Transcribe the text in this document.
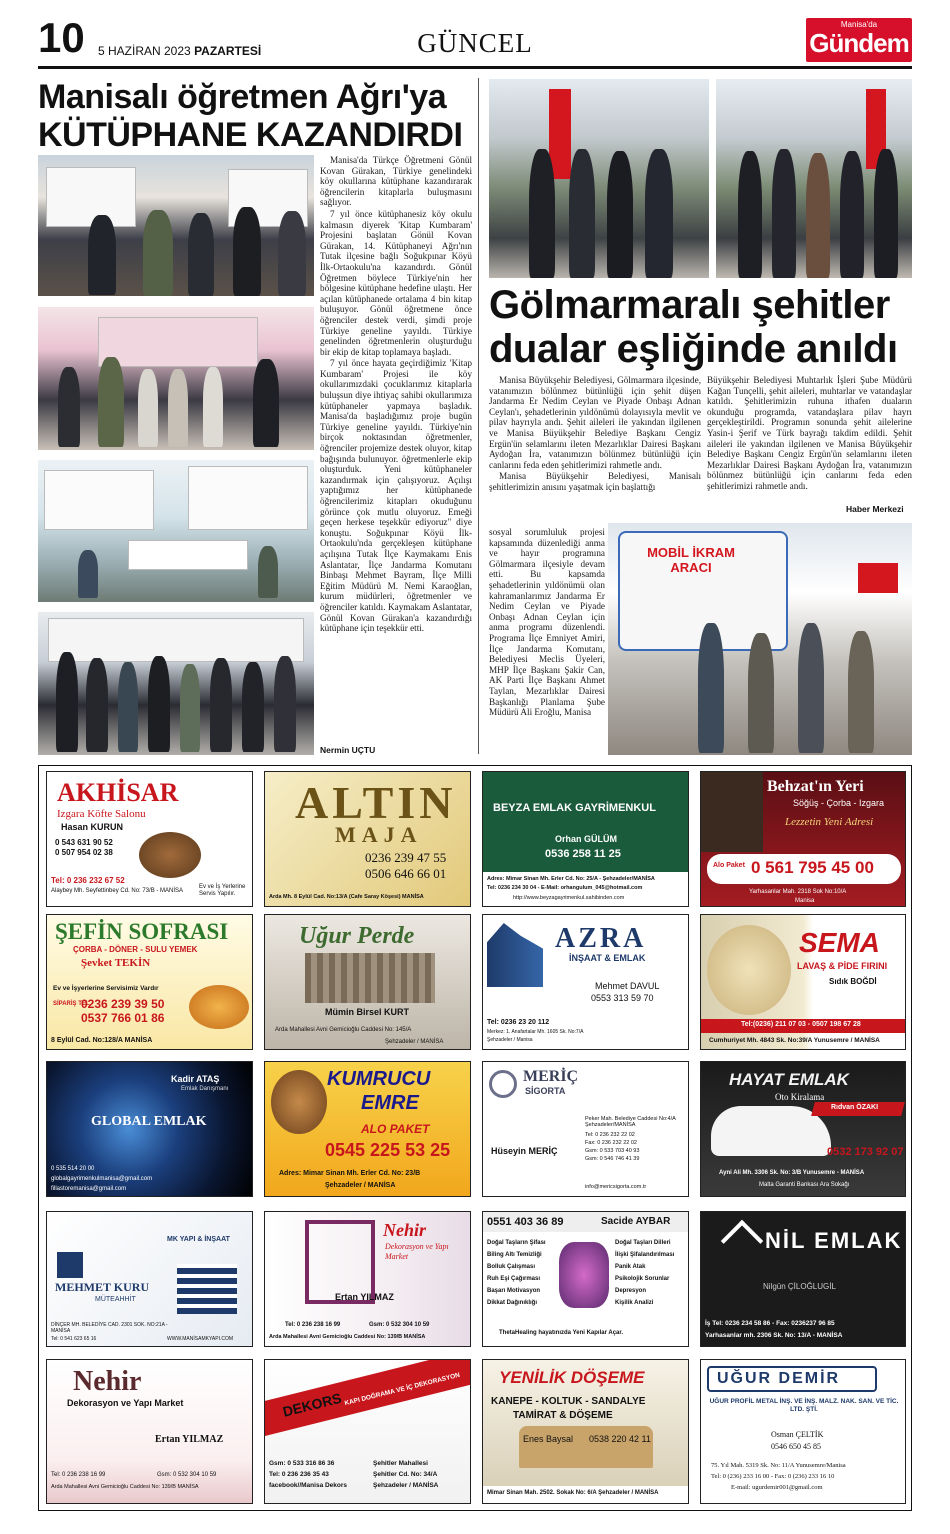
10 5 HAZİRAN 2023 PAZARTESİ	GÜNCEL
Manisa'da
Gündem
Manisalı öğretmen Ağrı'ya
KÜTÜPHANE KAZANDIRDI

Manisa'da Türkçe Öğretmeni Gönül Kovan Gürakan, Türkiye genelindeki köy okullarına kütüphane kazandırarak öğrencilerin kitaplarla buluşmasını sağlıyor.

7 yıl önce kütüphanesiz köy okulu kalmasın diyerek 'Kitap Kumbaram' Projesini başlatan Gönül Kovan Gürakan, 14. Kütüphaneyi Ağrı'nın Tutak ilçesine bağlı Soğukpınar Köyü İlk-Ortaokulu'na kazandırdı. Gönül Öğretmen böylece Türkiye'nin her bölgesine kütüphane hedefine ulaştı. Her açılan kütüphanede ortalama 4 bin kitap buluşuyor. Gönül öğretmene önce öğrenciler destek verdi, şimdi proje Türkiye geneline yayıldı. Türkiye genelinden öğretmenlerin oluşturduğu bir ekip de kitap toplamaya başladı.

7 yıl önce hayata geçirdiğimiz 'Kitap Kumbaram' Projesi ile köy okullarımızdaki çocuklarımız kitaplarla buluşsun diye ihtiyaç sahibi okullarımıza kütüphaneler yapmaya başladık. Manisa'da başladığımız proje bugün Türkiye geneline yayıldı. Türkiye'nin birçok noktasından öğretmenler, öğrenciler projemize destek oluyor, kitap bağışında bulunuyor. öğretmenlerle ekip oluşturduk. Yeni kütüphaneler kazandırmak için çalışıyoruz. Açılışı yaptığımız her kütüphanede öğrencilerimiz kitapları okuduğunu görünce çok mutlu oluyoruz. Emeği geçen herkese teşekkür ediyoruz" diye konuştu. Soğukpınar Köyü İlk-Ortaokulu'nda gerçekleşen kütüphane açılışına Tutak İlçe Kaymakamı Enis Aslantatar, İlçe Jandarma Komutanı Binbaşı Mehmet Bayram, İlçe Milli Eğitim Müdürü M. Nemi Karaoğlan, kurum müdürleri, öğretmenler ve öğrenciler katıldı. Kaymakam Aslantatar, Gönül Kovan Gürakan'a kazandırdığı kütüphane için teşekkür etti.

Nermin UÇTU
Gölmarmaralı şehitler
dualar eşliğinde anıldı

Manisa Büyükşehir Belediyesi, Gölmarmara ilçesinde, vatanımızın bölünmez bütünlüğü için şehit düşen Jandarma Er Nedim Ceylan ve Piyade Onbaşı Adnan Ceylan'ı, şehadetlerinin yıldönümü dolayısıyla mevlit ve pilav hayrıyla andı. Şehit aileleri ile yakından ilgilenen ve Manisa Büyükşehir Belediye Başkanı Cengiz Ergün'ün selamlarını ileten Mezarlıklar Dairesi Başkanı Aydoğan İra, vatanımızın bölünmez bütünlüğü için canlarını feda eden şehitlerimizi rahmetle andı.

Manisa Büyükşehir Belediyesi, Manisalı şehitlerimizin anısını yaşatmak için başlattığı

sosyal sorumluluk projesi kapsamında düzenlediği anma ve hayır programına Gölmarmara ilçesiyle devam etti. Bu kapsamda şehadetlerinin yıldönümü olan kahramanlarımız Jandarma Er Nedim Ceylan ve Piyade Onbaşı Adnan Ceylan için anma programı düzenlendi. Programa İlçe Emniyet Amiri, İlçe Jandarma Komutanı, Belediyesi Meclis Üyeleri, MHP İlçe Başkanı Şakir Can, AK Parti İlçe Başkanı Ahmet Taylan, Mezarlıklar Dairesi Başkanlığı Planlama Şube Müdürü Ali Eroğlu, Manisa

Büyükşehir Belediyesi Muhtarlık İşleri Şube Müdürü Kağan Tunçelli, şehit aileleri, muhtarlar ve vatandaşlar katıldı. Şehitlerimizin ruhuna ithafen duaların okunduğu programda, vatandaşlara pilav hayrı gerçekleştirildi. Programın sonunda şehit ailelerine Yasin-i Şerif ve Türk bayrağı takdim edildi. Şehit aileleri ile yakından ilgilenen ve Manisa Büyükşehir Belediye Başkanı Cengiz Ergün'ün selamlarını ileten Mezarlıklar Dairesi Başkanı Aydoğan İra, vatanımızın bölünmez bütünlüğü için canlarını feda eden şehitlerimizi rahmetle andı.

Haber Merkezi
MOBİL İKRAM ARACI
AKHİSAR
Izgara Köfte Salonu
Hasan KURUN
0 543 631 90 52
0 507 954 02 38
Tel: 0 236 232 67 52
Alaybey Mh. Seyfettinbey Cd. No: 73/B - MANİSA
Ev ve İş Yerlerine Servis Yapılır.
ALTIN
MAJA
0236 239 47 55
0506 646 66 01
Arda Mh. 8 Eylül Cad. No:13/A (Cafe Saray Köşesi) MANİSA
BEYZA EMLAK GAYRİMENKUL
Orhan GÜLÜM
0536 258 11 25
Adres: Mimar Sinan Mh. Erler Cd. No: 25/A - Şehzadeler/MANİSA
Tel: 0236 234 30 04 - E-Mail: orhangulum_045@hotmail.com
http://www.beyzagayrimenkul.sahibinden.com
Behzat'ın Yeri
Söğüş - Çorba - Izgara
Lezzetin Yeni Adresi
Alo Paket 0 561 795 45 00
Yarhasanlar Mah. 2318 Sok No:10/A
Manisa
ŞEFİN SOFRASI
ÇORBA - DÖNER - SULU YEMEK
Şevket TEKİN
Ev ve İşyerlerine Servisimiz Vardır
SİPARİŞ TEL
0236 239 39 50
0537 766 01 86
8 Eylül Cad. No:128/A MANİSA
Uğur Perde
Mümin Birsel KURT
Arda Mahallesi Avni Gemicioğlu Caddesi No: 145/A
Şehzadeler / MANİSA
AZRA
İNŞAAT & EMLAK
Mehmet DAVUL
0553 313 59 70
Tel: 0236 23 20 112
Merkez: 1. Anafartalar Mh. 1605 Sk. No:7/A
Şehzadeler / Manisa
SEMA
LAVAŞ & PİDE FIRINI
Sıdık BOĞDİ
Tel:(0236) 211 07 03 - 0507 198 67 28
Cumhuriyet Mh. 4843 Sk. No:39/A Yunusemre / MANİSA
Kadir ATAŞ
Emlak Danışmanı
GLOBAL EMLAK
0 535 514 20 00
globalgayrimenkulmanisa@gmail.com
fillastoremanisa@gmail.com
KUMRUCU
EMRE
ALO PAKET
0545 225 53 25
Adres: Mimar Sinan Mh. Erler Cd. No: 23/B
Şehzadeler / MANİSA
MERİÇ
SİGORTA
Hüseyin MERİÇ
Peker Mah. Belediye Caddesi No:4/A Şehzadeler/MANİSA
Tel: 0 236 232 22 02
Fax: 0 236 232 22 02
Gsm: 0 533 703 40 93
Gsm: 0 546 746 41 39
info@mericsigorta.com.tr
HAYAT EMLAK
Oto Kiralama
Rıdvan ÖZAKI
0532 173 92 07
Ayni Ali Mh. 3306 Sk. No: 3/B Yunusemre - MANİSA
Malta Garanti Bankası Ara Sokağı
MK YAPI & İNŞAAT
MEHMET KURU
MÜTEAHHİT
DİNÇER MH. BELEDİYE CAD. 2301 SOK. NO:21A - MANİSA
Tel: 0 541 623 65 16	WWW.MANİSAMKYAPI.COM
Nehir
Dekorasyon ve Yapı Market
Ertan YILMAZ
Tel: 0 236 238 16 99	Gsm: 0 532 304 10 59
Arda Mahallesi Avni Gemicioğlu Caddesi No: 139/B MANİSA
0551 403 36 89	Sacide AYBAR
Doğal Taşların Şifası
Biling Altı Temizliği
Bolluk Çalışması
Ruh Eşi Çağırması
Başarı Motivasyon
Dikkat Dağınıklığı
Doğal Taşları Dilleri
İlişki Şifalandırılması
Panik Atak
Psikolojik Sorunlar
Depresyon
Kişilik Analizi
ThetaHealing hayatınızda Yeni Kapılar Açar.
NİL EMLAK
Nilgün ÇİLOĞLUGİL
İş Tel: 0236 234 58 86 - Fax: 0236237 96 85
Yarhasanlar mh. 2306 Sk. No: 13/A - MANİSA
Nehir
Dekorasyon ve Yapı Market
Ertan YILMAZ
Tel: 0 236 238 16 99	Gsm: 0 532 304 10 59
Arda Mahallesi Avni Gemicioğlu Caddesi No: 139/B MANİSA
DEKORS KAPI DOĞRAMA VE İÇ DEKORASYON
Gsm: 0 533 316 86 36
Tel: 0 236 236 35 43
facebook//Manisa Dekors
Şehitler Mahallesi
Şehitler Cd. No: 34/A
Şehzadeler / MANİSA
YENİLİK DÖŞEME
KANEPE - KOLTUK - SANDALYE
TAMİRAT & DÖŞEME
Enes Baysal 0538 220 42 11
Mimar Sinan Mah. 2502. Sokak No: 6/A Şehzadeler / MANİSA
UĞUR DEMİR
UĞUR PROFİL METAL İNŞ. VE İNŞ. MALZ. NAK. SAN. VE TİC. LTD. ŞTİ.
Osman ÇELTİK
0546 650 45 85
75. Yıl Mah. 5319 Sk. No: 11/A Yunusemre/Manisa
Tel: 0 (236) 233 16 00 - Fax: 0 (236) 233 16 10
E-mail: ugurdemir001@gmail.com
